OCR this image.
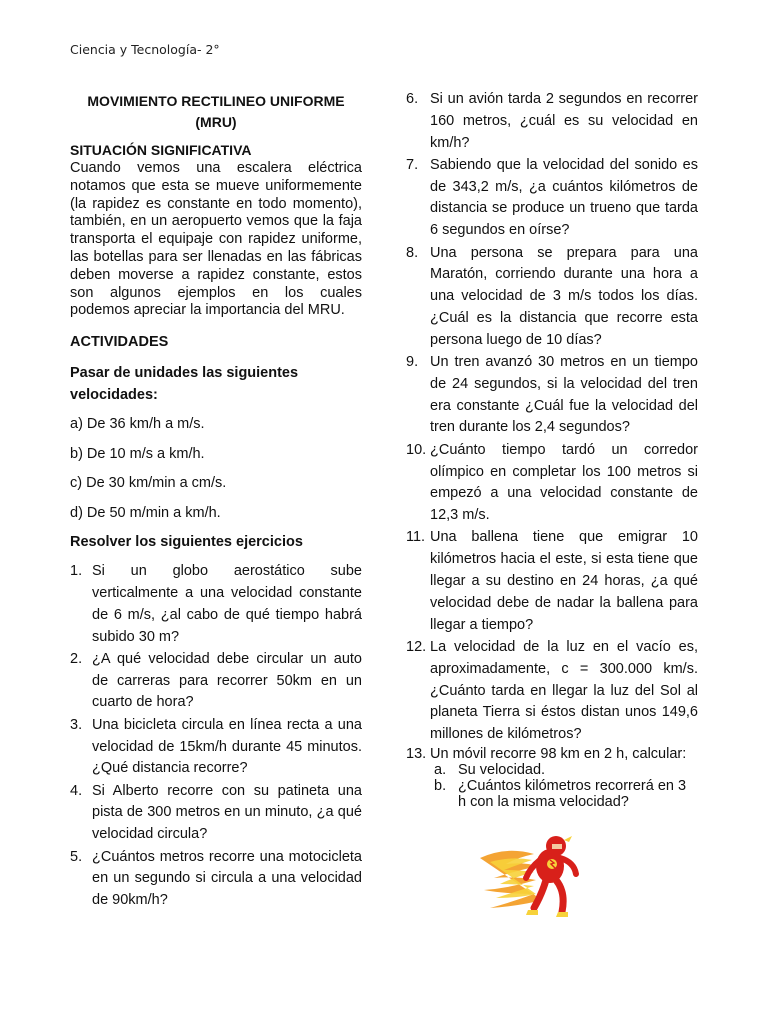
Ciencia y Tecnología- 2°
MOVIMIENTO RECTILINEO UNIFORME
(MRU)
SITUACIÓN SIGNIFICATIVA

Cuando vemos una escalera eléctrica notamos que esta se mueve uniformemente (la rapidez es constante en todo momento), también, en un aeropuerto vemos que la faja transporta el equipaje con rapidez uniforme, las botellas para ser llenadas en las fábricas deben moverse a rapidez constante, estos son algunos ejemplos en los cuales podemos apreciar la importancia del MRU.

ACTIVIDADES
Pasar de unidades las siguientes velocidades:
a) De 36 km/h a m/s.
b) De 10 m/s a km/h.
c) De 30 km/min a cm/s.
d) De 50 m/min a km/h.
Resolver los siguientes ejercicios
1. Si un globo aerostático sube verticalmente a una velocidad constante de 6 m/s, ¿al cabo de qué tiempo habrá subido 30 m?
2. ¿A qué velocidad debe circular un auto de carreras para recorrer 50km en un cuarto de hora?
3. Una bicicleta circula en línea recta a una velocidad de 15km/h durante 45 minutos. ¿Qué distancia recorre?
4. Si Alberto recorre con su patineta una pista de 300 metros en un minuto, ¿a qué velocidad circula?
5. ¿Cuántos metros recorre una motocicleta en un segundo si circula a una velocidad de 90km/h?
6. Si un avión tarda 2 segundos en recorrer 160 metros, ¿cuál es su velocidad en km/h?
7. Sabiendo que la velocidad del sonido es de 343,2 m/s, ¿a cuántos kilómetros de distancia se produce un trueno que tarda 6 segundos en oírse?
8. Una persona se prepara para una Maratón, corriendo durante una hora a una velocidad de 3 m/s todos los días. ¿Cuál es la distancia que recorre esta persona luego de 10 días?
9. Un tren avanzó 30 metros en un tiempo de 24 segundos, si la velocidad del tren era constante ¿Cuál fue la velocidad del tren durante los 2,4 segundos?
10. ¿Cuánto tiempo tardó un corredor olímpico en completar los 100 metros si empezó a una velocidad constante de 12,3 m/s.
11. Una ballena tiene que emigrar 10 kilómetros hacia el este, si esta tiene que llegar a su destino en 24 horas, ¿a qué velocidad debe de nadar la ballena para llegar a tiempo?
12. La velocidad de la luz en el vacío es, aproximadamente, c = 300.000 km/s. ¿Cuánto tarda en llegar la luz del Sol al planeta Tierra si éstos distan unos 149,6 millones de kilómetros?
13. Un móvil recorre 98 km en 2 h, calcular:
a. Su velocidad.
b. ¿Cuántos kilómetros recorrerá en 3 h con la misma velocidad?
